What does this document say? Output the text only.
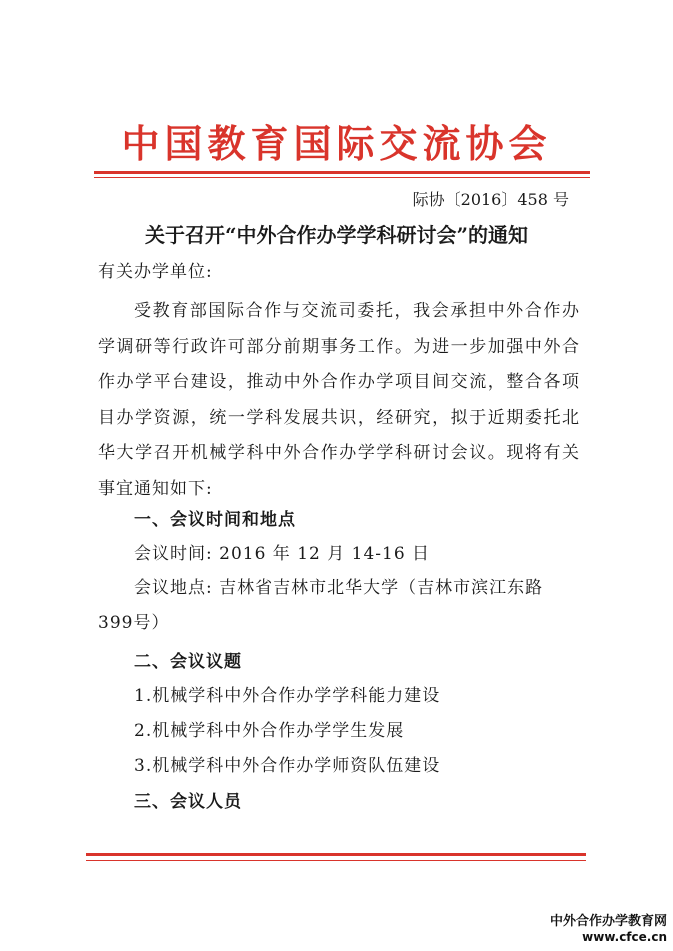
中国教育国际交流协会
际协〔2016〕458 号
关于召开“中外合作办学学科研讨会”的通知
有关办学单位:

受教育部国际合作与交流司委托，我会承担中外合作办学调研等行政许可部分前期事务工作。为进一步加强中外合作办学平台建设，推动中外合作办学项目间交流，整合各项目办学资源，统一学科发展共识，经研究，拟于近期委托北华大学召开机械学科中外合作办学学科研讨会议。现将有关事宜通知如下:

一、会议时间和地点
会议时间: 2016 年 12 月 14-16 日
会议地点: 吉林省吉林市北华大学（吉林市滨江东路 399号）
二、会议议题
1.机械学科中外合作办学学科能力建设
2.机械学科中外合作办学学生发展
3.机械学科中外合作办学师资队伍建设
三、会议人员
中外合作办学教育网
www.cfce.cn
